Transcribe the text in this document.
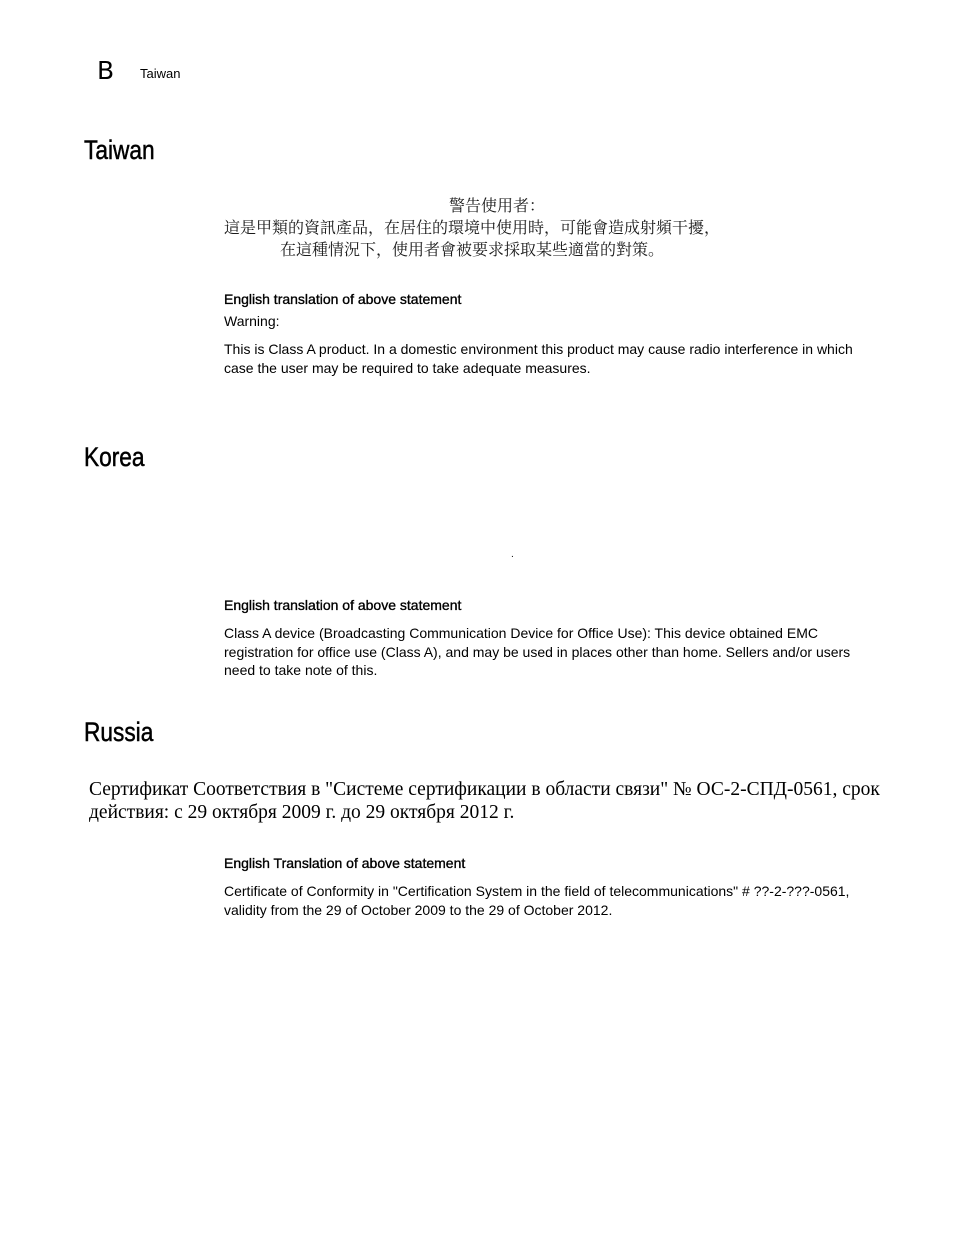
B Taiwan
Taiwan
警告使用者：
這是甲類的資訊產品，在居住的環境中使用時，可能會造成射頻干擾，
在這種情況下，使用者會被要求採取某些適當的對策。
English translation of above statement

Warning:

This is Class A product. In a domestic environment this product may cause radio interference in which case the user may be required to take adequate measures.

Korea
.
English translation of above statement

Class A device (Broadcasting Communication Device for Office Use): This device obtained EMC registration for office use (Class A), and may be used in places other than home. Sellers and/or users need to take note of this.

Russia

Сертификат Соответствия в "Системе сертификации в области связи" № ОС-2-СПД-0561, срок действия: с 29 октября 2009 г. до 29 октября 2012 г.

English Translation of above statement

Certificate of Conformity in "Certification System in the field of telecommunications" # ??-2-???-0561, validity from the 29 of October 2009 to the 29 of October 2012.
